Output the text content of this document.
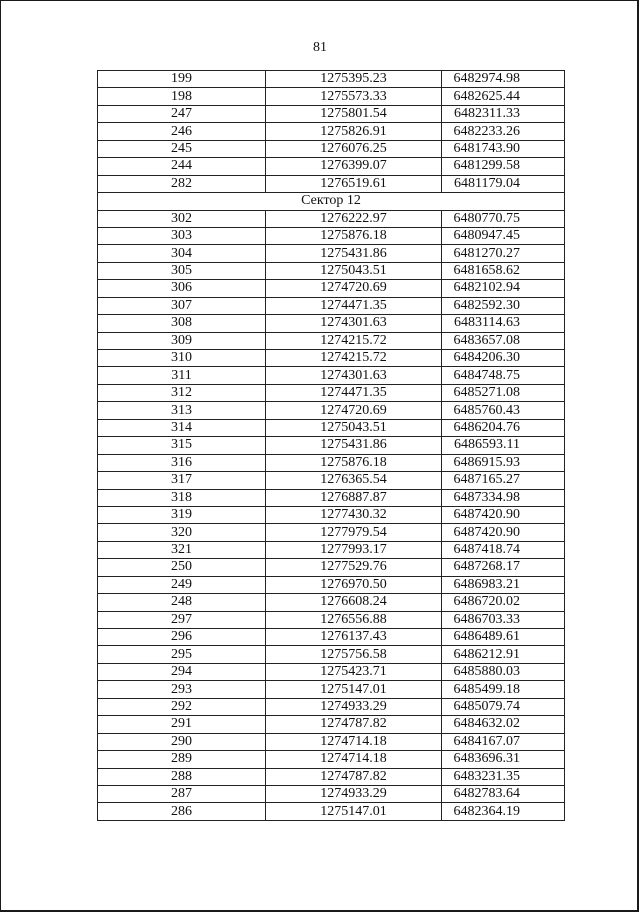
81
199	1275395.23	6482974.98
198	1275573.33	6482625.44
247	1275801.54	6482311.33
246	1275826.91	6482233.26
245	1276076.25	6481743.90
244	1276399.07	6481299.58
282	1276519.61	6481179.04
Сектор 12		
302	1276222.97	6480770.75
303	1275876.18	6480947.45
304	1275431.86	6481270.27
305	1275043.51	6481658.62
306	1274720.69	6482102.94
307	1274471.35	6482592.30
308	1274301.63	6483114.63
309	1274215.72	6483657.08
310	1274215.72	6484206.30
311	1274301.63	6484748.75
312	1274471.35	6485271.08
313	1274720.69	6485760.43
314	1275043.51	6486204.76
315	1275431.86	6486593.11
316	1275876.18	6486915.93
317	1276365.54	6487165.27
318	1276887.87	6487334.98
319	1277430.32	6487420.90
320	1277979.54	6487420.90
321	1277993.17	6487418.74
250	1277529.76	6487268.17
249	1276970.50	6486983.21
248	1276608.24	6486720.02
297	1276556.88	6486703.33
296	1276137.43	6486489.61
295	1275756.58	6486212.91
294	1275423.71	6485880.03
293	1275147.01	6485499.18
292	1274933.29	6485079.74
291	1274787.82	6484632.02
290	1274714.18	6484167.07
289	1274714.18	6483696.31
288	1274787.82	6483231.35
287	1274933.29	6482783.64
286	1275147.01	6482364.19
